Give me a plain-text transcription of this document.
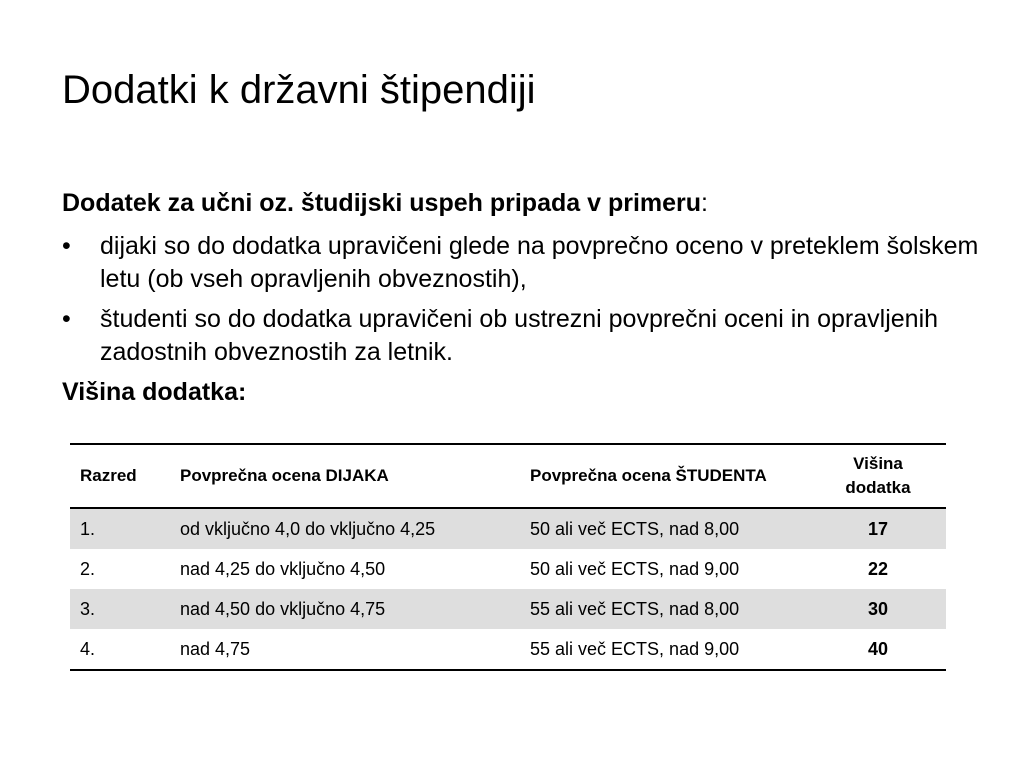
Dodatki k državni štipendiji

Dodatek za učni oz. študijski uspeh pripada v primeru:

• dijaki so do dodatka upravičeni glede na povprečno oceno v preteklem šolskem letu (ob vseh opravljenih obveznostih),
• študenti so do dodatka upravičeni ob ustrezni povprečni oceni in opravljenih zadostnih obveznostih za letnik.

Višina dodatka:

Razred	Povprečna ocena DIJAKA	Povprečna ocena ŠTUDENTA	Višina dodatka
1.	od vključno 4,0 do vključno 4,25	50 ali več ECTS, nad 8,00	17
2.	nad 4,25 do vključno 4,50	50 ali več ECTS, nad 9,00	22
3.	nad 4,50 do vključno 4,75	55 ali več ECTS, nad 8,00	30
4.	nad 4,75	55 ali več ECTS, nad 9,00	40
